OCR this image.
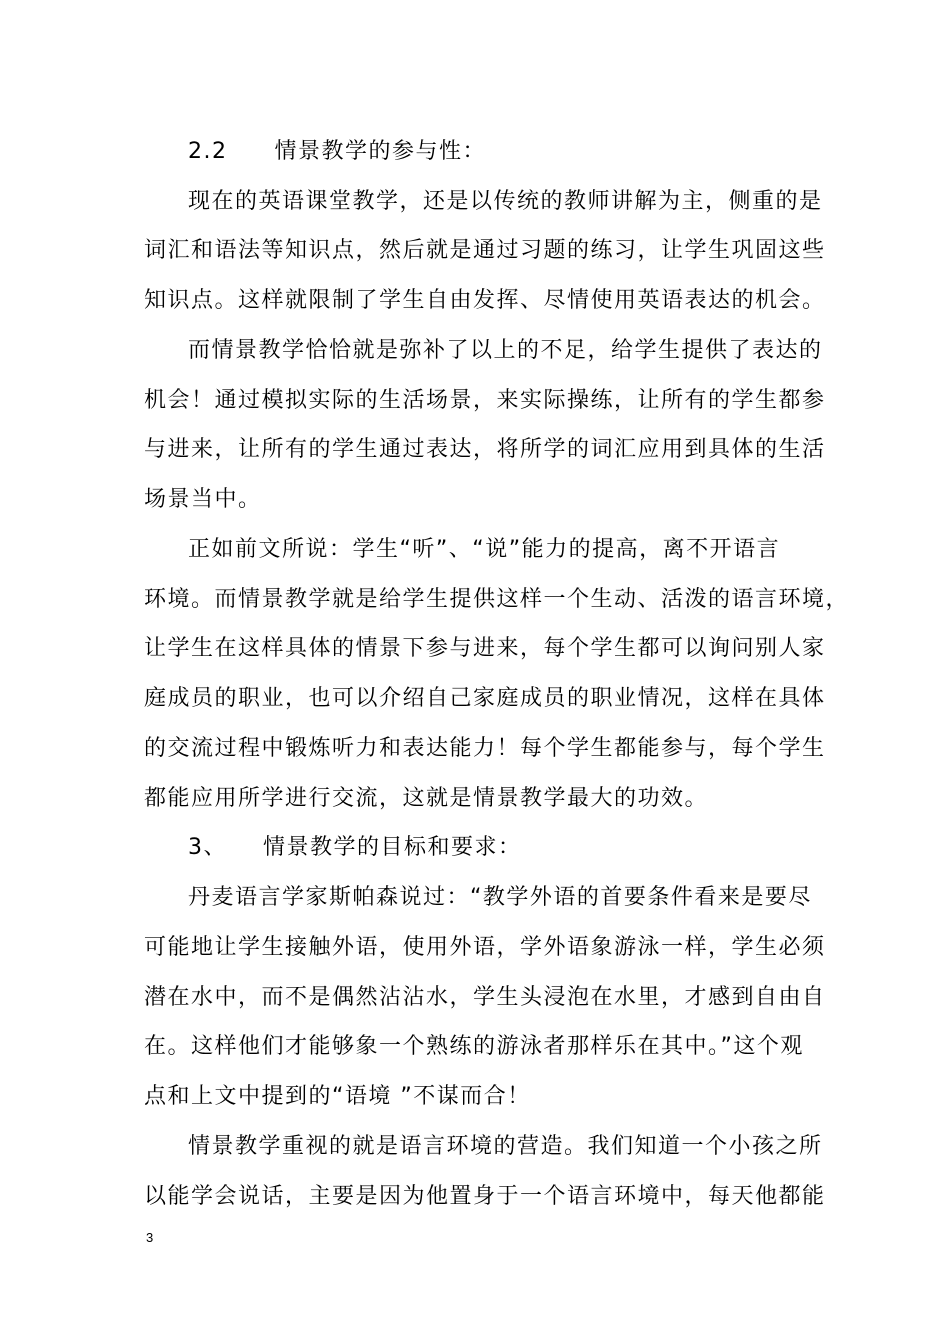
2.2　　情景教学的参与性：
现在的英语课堂教学，还是以传统的教师讲解为主，侧重的是
词汇和语法等知识点，然后就是通过习题的练习，让学生巩固这些
知识点。这样就限制了学生自由发挥、尽情使用英语表达的机会。
而情景教学恰恰就是弥补了以上的不足，给学生提供了表达的
机会！通过模拟实际的生活场景，来实际操练，让所有的学生都参
与进来，让所有的学生通过表达，将所学的词汇应用到具体的生活
场景当中。
正如前文所说：学生“听”、“说”能力的提高，离不开语言
环境。而情景教学就是给学生提供这样一个生动、活泼的语言环境，
让学生在这样具体的情景下参与进来，每个学生都可以询问别人家
庭成员的职业，也可以介绍自己家庭成员的职业情况，这样在具体
的交流过程中锻炼听力和表达能力！每个学生都能参与，每个学生
都能应用所学进行交流，这就是情景教学最大的功效。
3、　　情景教学的目标和要求：
丹麦语言学家斯帕森说过：“教学外语的首要条件看来是要尽
可能地让学生接触外语，使用外语，学外语象游泳一样，学生必须
潜在水中，而不是偶然沾沾水，学生头浸泡在水里，才感到自由自
在。这样他们才能够象一个熟练的游泳者那样乐在其中。”这个观
点和上文中提到的“语境 ”不谋而合！
情景教学重视的就是语言环境的营造。我们知道一个小孩之所
以能学会说话，主要是因为他置身于一个语言环境中，每天他都能
3
